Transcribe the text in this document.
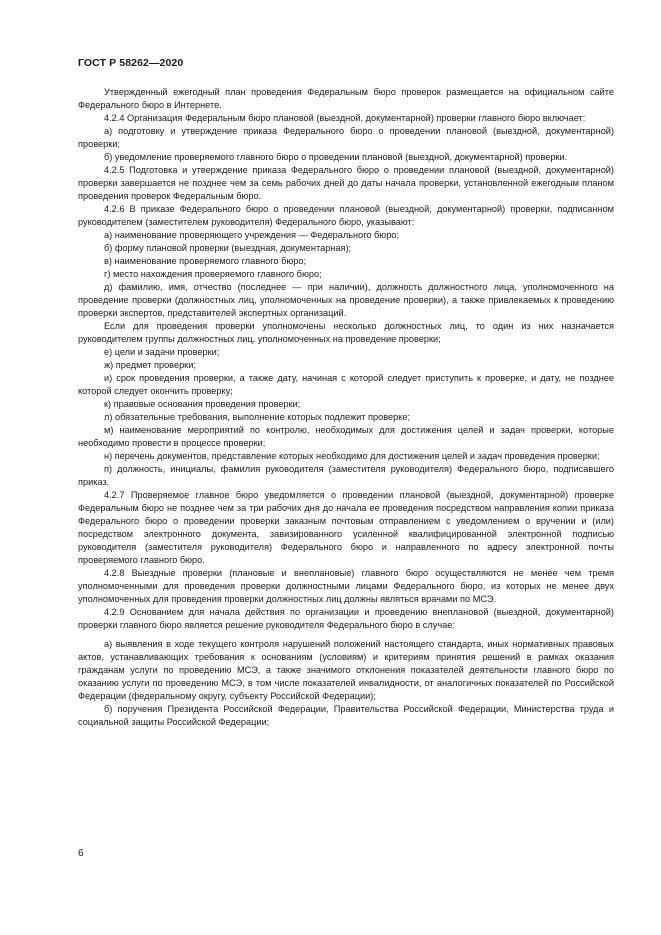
ГОСТ Р 58262—2020

Утвержденный ежегодный план проведения Федеральным бюро проверок размещается на официальном сайте Федерального бюро в Интернете.

4.2.4 Организация Федеральным бюро плановой (выездной, документарной) проверки главного бюро включает:

а) подготовку и утверждение приказа Федерального бюро о проведении плановой (выездной, документарной) проверки;

б) уведомление проверяемого главного бюро о проведении плановой (выездной, документарной) проверки.

4.2.5 Подготовка и утверждение приказа Федерального бюро о проведении плановой (выездной, документарной) проверки завершается не позднее чем за семь рабочих дней до даты начала проверки, установленной ежегодным планом проведения проверок Федеральным бюро.

4.2.6 В приказе Федерального бюро о проведении плановой (выездной, документарной) проверки, подписанном руководителем (заместителем руководителя) Федерального бюро, указывают:

а) наименование проверяющего учреждения — Федерального бюро;

б) форму плановой проверки (выездная, документарная);

в) наименование проверяемого главного бюро;

г) место нахождения проверяемого главного бюро;

д) фамилию, имя, отчество (последнее — при наличии), должность должностного лица, уполномоченного на проведение проверки (должностных лиц, уполномоченных на проведение проверки), а также привлекаемых к проведению проверки экспертов, представителей экспертных организаций.

Если для проведения проверки уполномочены несколько должностных лиц, то один из них назначается руководителем группы должностных лиц, уполномоченных на проведение проверки;

е) цели и задачи проверки;

ж) предмет проверки;

и) срок проведения проверки, а также дату, начиная с которой следует приступить к проверке, и дату, не позднее которой следует окончить проверку;

к) правовые основания проведения проверки;

л) обязательные требования, выполнение которых подлежит проверке;

м) наименование мероприятий по контролю, необходимых для достижения целей и задач проверки, которые необходимо провести в процессе проверки;

н) перечень документов, представление которых необходимо для достижения целей и задач проведения проверки;

п) должность, инициалы, фамилия руководителя (заместителя руководителя) Федерального бюро, подписавшего приказ.

4.2.7 Проверяемое главное бюро уведомляется о проведении плановой (выездной, документарной) проверке Федеральным бюро не позднее чем за три рабочих дня до начала ее проведения посредством направления копии приказа Федерального бюро о проведении проверки заказным почтовым отправлением с уведомлением о вручении и (или) посредством электронного документа, завизированного усиленной квалифицированной электронной подписью руководителя (заместителя руководителя) Федерального бюро и направленного по адресу электронной почты проверяемого главного бюро.

4.2.8 Выездные проверки (плановые и внеплановые) главного бюро осуществляются не менее чем тремя уполномоченными для проведения проверки должностными лицами Федерального бюро, из которых не менее двух уполномоченных для проведения проверки должностных лиц должны являться врачами по МСЭ.

4.2.9 Основанием для начала действия по организации и проведению внеплановой (выездной, документарной) проверки главного бюро является решение руководителя Федерального бюро в случае:

а) выявления в ходе текущего контроля нарушений положений настоящего стандарта, иных нормативных правовых актов, устанавливающих требования к основаниям (условиям) и критериям принятия решений в рамках оказания гражданам услуги по проведению МСЭ, а также значимого отклонения показателей деятельности главного бюро по оказанию услуги по проведению МСЭ, в том числе показателей инвалидности, от аналогичных показателей по Российской Федерации (федеральному округу, субъекту Российской Федерации);

б) поручения Президента Российской Федерации, Правительства Российской Федерации, Министерства труда и социальной защиты Российской Федерации;

6
